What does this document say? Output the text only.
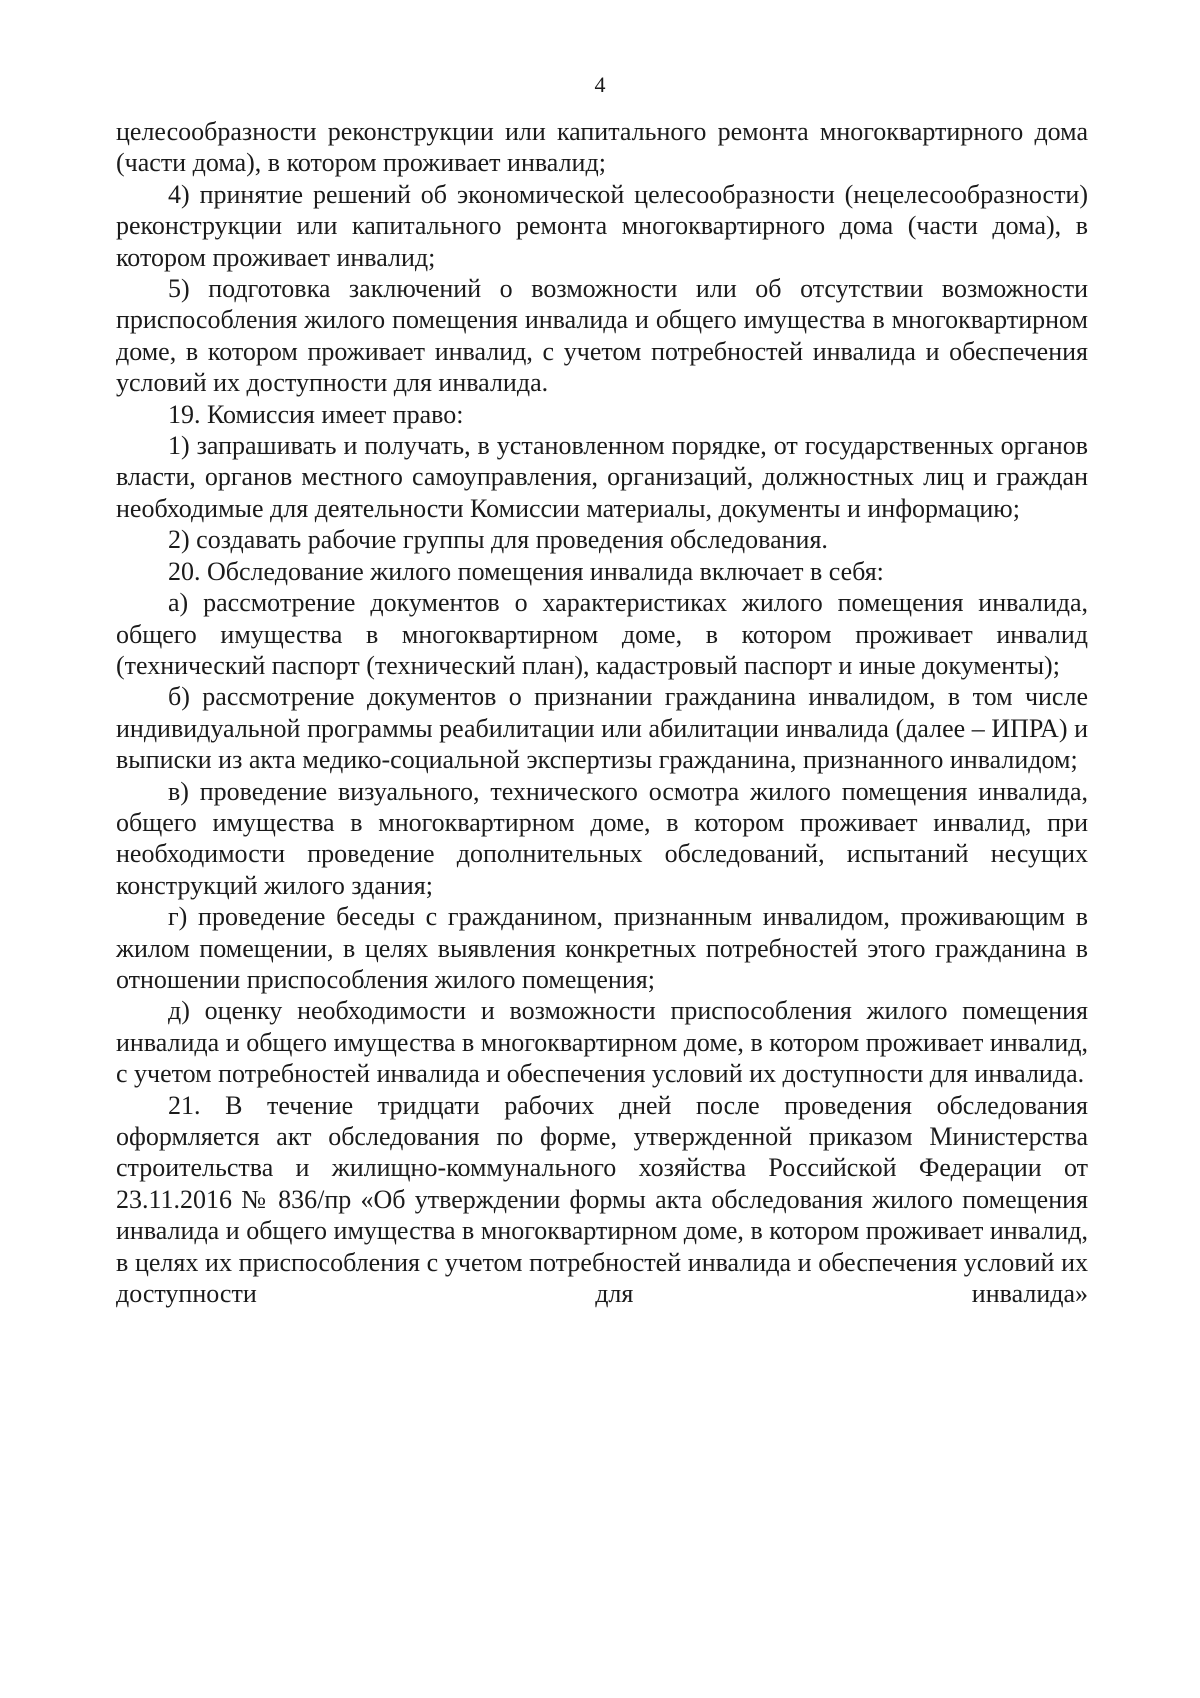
4

целесообразности реконструкции или капитального ремонта многоквартирного дома (части дома), в котором проживает инвалид;

4) принятие решений об экономической целесообразности (нецелесообразности) реконструкции или капитального ремонта многоквартирного дома (части дома), в котором проживает инвалид;

5) подготовка заключений о возможности или об отсутствии возможности приспособления жилого помещения инвалида и общего имущества в многоквартирном доме, в котором проживает инвалид, с учетом потребностей инвалида и обеспечения условий их доступности для инвалида.

19. Комиссия имеет право:

1) запрашивать и получать, в установленном порядке, от государственных органов власти, органов местного самоуправления, организаций, должностных лиц и граждан необходимые для деятельности Комиссии материалы, документы и информацию;

2) создавать рабочие группы для проведения обследования.

20. Обследование жилого помещения инвалида включает в себя:

а) рассмотрение документов о характеристиках жилого помещения инвалида, общего имущества в многоквартирном доме, в котором проживает инвалид (технический паспорт (технический план), кадастровый паспорт и иные документы);

б) рассмотрение документов о признании гражданина инвалидом, в том числе индивидуальной программы реабилитации или абилитации инвалида (далее – ИПРА) и выписки из акта медико-социальной экспертизы гражданина, признанного инвалидом;

в) проведение визуального, технического осмотра жилого помещения инвалида, общего имущества в многоквартирном доме, в котором проживает инвалид, при необходимости проведение дополнительных обследований, испытаний несущих конструкций жилого здания;

г) проведение беседы с гражданином, признанным инвалидом, проживающим в жилом помещении, в целях выявления конкретных потребностей этого гражданина в отношении приспособления жилого помещения;

д) оценку необходимости и возможности приспособления жилого помещения инвалида и общего имущества в многоквартирном доме, в котором проживает инвалид, с учетом потребностей инвалида и обеспечения условий их доступности для инвалида.

21. В течение тридцати рабочих дней после проведения обследования оформляется акт обследования по форме, утвержденной приказом Министерства строительства и жилищно-коммунального хозяйства Российской Федерации от 23.11.2016 № 836/пр «Об утверждении формы акта обследования жилого помещения инвалида и общего имущества в многоквартирном доме, в котором проживает инвалид, в целях их приспособления с учетом потребностей инвалида и обеспечения условий их доступности для инвалида»
